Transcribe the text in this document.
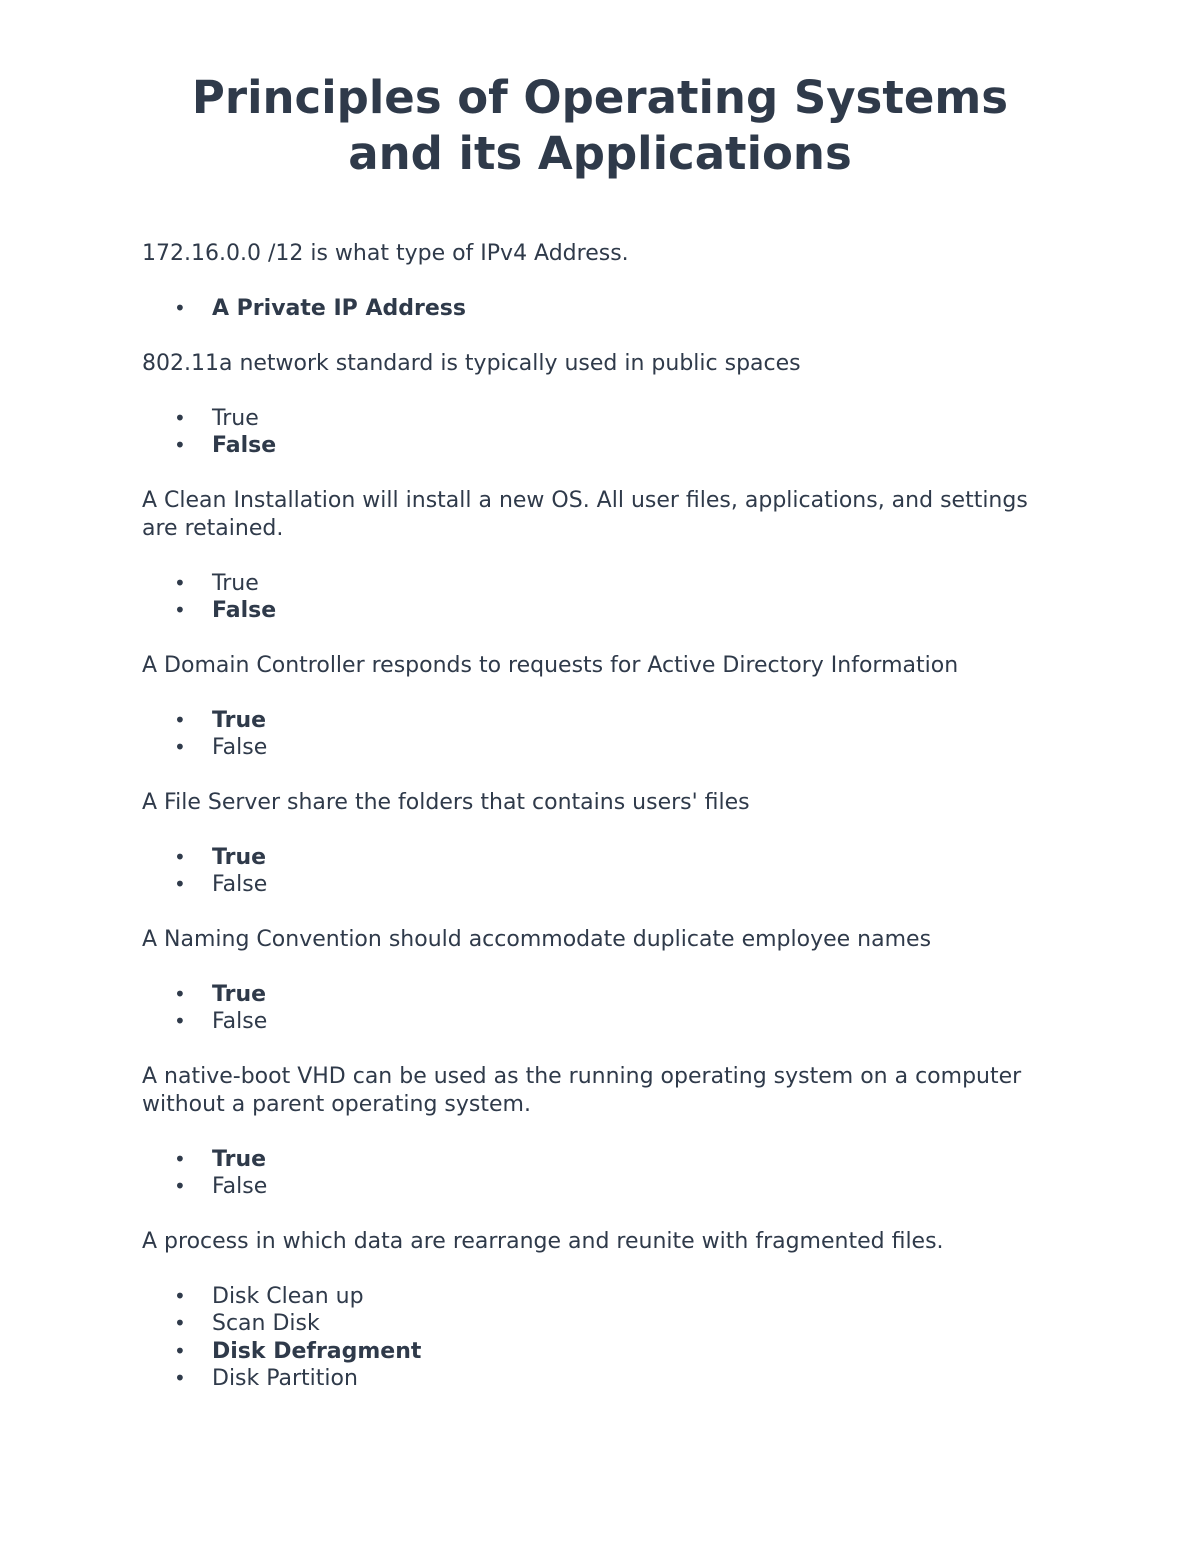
Principles of Operating Systems
and its Applications

172.16.0.0 /12 is what type of IPv4 Address.

• A Private IP Address

802.11a network standard is typically used in public spaces

• True
• False

A Clean Installation will install a new OS. All user files, applications, and settings are retained.

• True
• False

A Domain Controller responds to requests for Active Directory Information

• True
• False

A File Server share the folders that contains users' files

• True
• False

A Naming Convention should accommodate duplicate employee names

• True
• False

A native-boot VHD can be used as the running operating system on a computer without a parent operating system.

• True
• False

A process in which data are rearrange and reunite with fragmented files.

• Disk Clean up
• Scan Disk
• Disk Defragment
• Disk Partition
